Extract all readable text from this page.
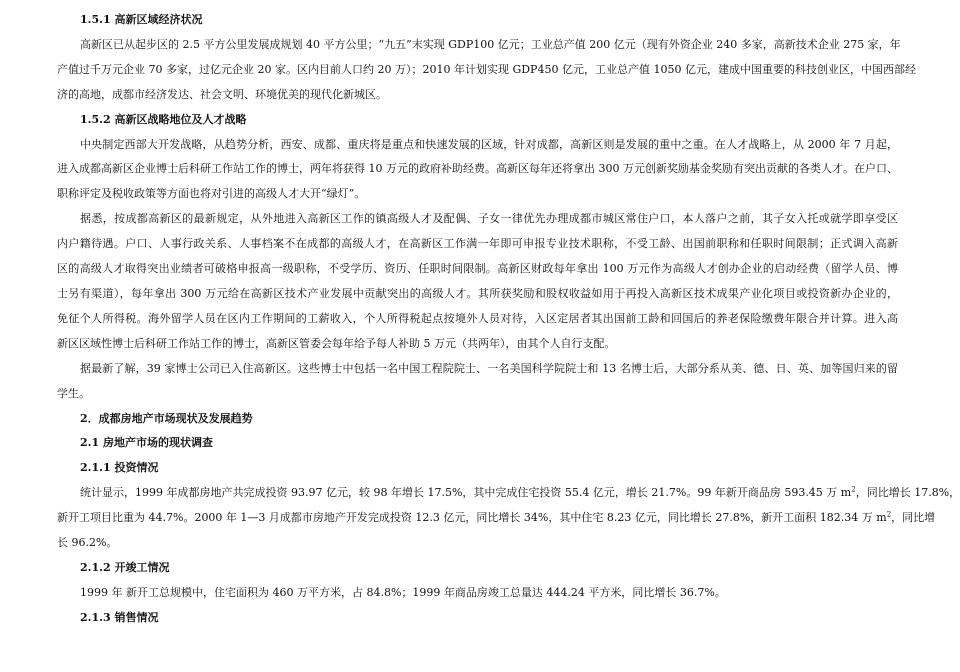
1.5.1 高新区域经济状况
高新区已从起步区的 2.5 平方公里发展成规划 40 平方公里；“九五”末实现 GDP100 亿元；工业总产值 200 亿元（现有外资企业 240 多家，高新技术企业 275 家，年
产值过千万元企业 70 多家，过亿元企业 20 家。区内目前人口约 20 万）；2010 年计划实现 GDP450 亿元，工业总产值 1050 亿元，建成中国重要的科技创业区，中国西部经
济的高地，成都市经济发达、社会文明、环境优美的现代化新城区。
1.5.2 高新区战略地位及人才战略
中央制定西部大开发战略，从趋势分析，西安、成都、重庆将是重点和快速发展的区域，针对成都，高新区则是发展的重中之重。在人才战略上，从 2000 年 7 月起，
进入成都高新区企业博士后科研工作站工作的博士，两年将获得 10 万元的政府补助经费。高新区每年还将拿出 300 万元创新奖励基金奖励有突出贡献的各类人才。在户口、
职称评定及税收政策等方面也将对引进的高级人才大开“绿灯”。
据悉，按成都高新区的最新规定，从外地进入高新区工作的镇高级人才及配偶、子女一律优先办理成都市城区常住户口，本人落户之前，其子女入托或就学即享受区
内户籍待遇。户口、人事行政关系、人事档案不在成都的高级人才，在高新区工作满一年即可申报专业技术职称，不受工龄、出国前职称和任职时间限制；正式调入高新
区的高级人才取得突出业绩者可破格申报高一级职称，不受学历、资历、任职时间限制。高新区财政每年拿出 100 万元作为高级人才创办企业的启动经费（留学人员、博
士另有渠道），每年拿出 300 万元给在高新区技术产业发展中贡献突出的高级人才。其所获奖励和股权收益如用于再投入高新区技术成果产业化项目或投资新办企业的，
免征个人所得税。海外留学人员在区内工作期间的工薪收入，个人所得税起点按境外人员对待，入区定居者其出国前工龄和回国后的养老保险缴费年限合并计算。进入高
新区区域性博士后科研工作站工作的博士，高新区管委会每年给予每人补助 5 万元（共两年），由其个人自行支配。
据最新了解，39 家博士公司已入住高新区。这些博士中包括一名中国工程院院士、一名美国科学院院士和 13 名博士后，大部分系从美、德、日、英、加等国归来的留
学生。
2．成都房地产市场现状及发展趋势
2.1 房地产市场的现状调查
2.1.1 投资情况
统计显示，1999 年成都房地产共完成投资 93.97 亿元，较 98 年增长 17.5%，其中完成住宅投资 55.4 亿元，增长 21.7%。99 年新开商品房 593.45 万 $m^2$，同比增长 17.8%，
新开工项目比重为 44.7%。2000 年 1—3 月成都市房地产开发完成投资 12.3 亿元，同比增长 34%，其中住宅 8.23 亿元，同比增长 27.8%，新开工面积 182.34 万 $m^2$，同比增
长 96.2%。
2.1.2 开竣工情况
1999 年 新开工总规模中，住宅面积为 460 万平方米，占 84.8%；1999 年商品房竣工总量达 444.24 平方米，同比增长 36.7%。
2.1.3 销售情况
